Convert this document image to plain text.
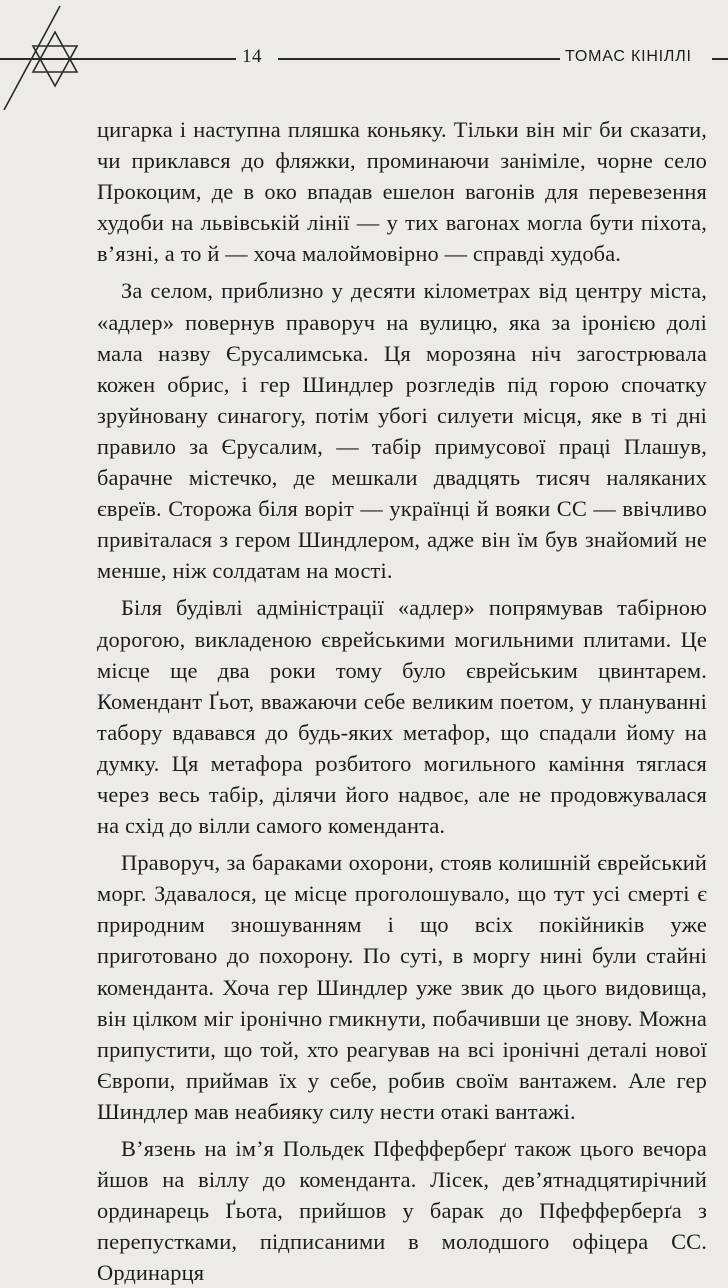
14	ТОМАС КІНІЛЛІ

цигарка і наступна пляшка коньяку. Тільки він міг би сказати, чи приклався до фляжки, проминаючи заніміле, чорне село Прокоцим, де в око впадав ешелон вагонів для перевезення худоби на львівській лінії — у тих вагонах могла бути піхота, в’язні, а то й — хоча малоймовірно — справді худоба.

За селом, приблизно у десяти кілометрах від центру міста, «адлер» повернув праворуч на вулицю, яка за іронією долі мала назву Єрусалимська. Ця морозяна ніч загострювала кожен обрис, і гер Шиндлер розгледів під горою спочатку зруйновану синагогу, потім убогі силуети місця, яке в ті дні правило за Єрусалим, — табір примусової праці Плашув, барачне містечко, де мешкали двадцять тисяч наляканих євреїв. Сторожа біля воріт — українці й вояки СС — ввічливо привіталася з гером Шиндлером, адже він їм був знайомий не менше, ніж солдатам на мості.

Біля будівлі адміністрації «адлер» попрямував табірною дорогою, викладеною єврейськими могильними плитами. Це місце ще два роки тому було єврейським цвинтарем. Комендант Ґьот, вважаючи себе великим поетом, у плануванні табору вдавався до будь-яких метафор, що спадали йому на думку. Ця метафора розбитого могильного каміння тяглася через весь табір, ділячи його надвоє, але не продовжувалася на схід до вілли самого коменданта.

Праворуч, за бараками охорони, стояв колишній єврейський морг. Здавалося, це місце проголошувало, що тут усі смерті є природним зношуванням і що всіх покійників уже приготовано до похорону. По суті, в моргу нині були стайні коменданта. Хоча гер Шиндлер уже звик до цього видовища, він цілком міг іронічно гмикнути, побачивши це знову. Можна припустити, що той, хто реагував на всі іронічні деталі нової Європи, приймав їх у себе, робив своїм вантажем. Але гер Шиндлер мав неабияку силу нести отакі вантажі.

В’язень на ім’я Польдек Пфефферберґ також цього вечора йшов на віллу до коменданта. Лісек, дев’ятнадцятирічний ординарець Ґьота, прийшов у барак до Пфефферберґа з перепустками, підписаними в молодшого офіцера СС. Ординарця
